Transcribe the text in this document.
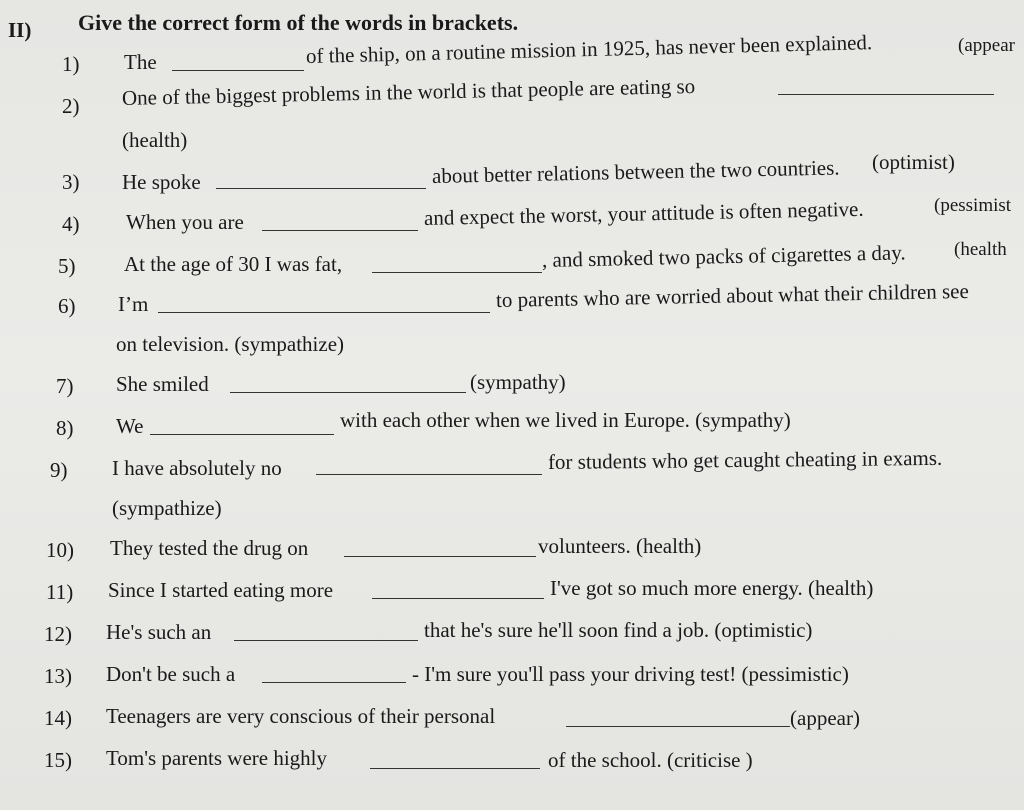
II) Give the correct form of the words in brackets.
1) The	of the ship, on a routine mission in 1925, has never been explained.	(appear
2) One of the biggest problems in the world is that people are eating so
(health)
3) He spoke	about better relations between the two countries. (optimist)
4) When you are	and expect the worst, your attitude is often negative.	(pessimist
5) At the age of 30 I was fat,	, and smoked two packs of cigarettes a day.	(health
6) I’m	to parents who are worried about what their children see
on television. (sympathize)
7) She smiled	(sympathy)
8) We	with each other when we lived in Europe. (sympathy)
9) I have absolutely no	for students who get caught cheating in exams.
(sympathize)
10) They tested the drug on	volunteers. (health)
11) Since I started eating more	I've got so much more energy. (health)
12) He's such an	that he's sure he'll soon find a job. (optimistic)
13) Don't be such a	- I'm sure you'll pass your driving test! (pessimistic)
14) Teenagers are very conscious of their personal	(appear)
15) Tom's parents were highly	of the school. (criticise )
